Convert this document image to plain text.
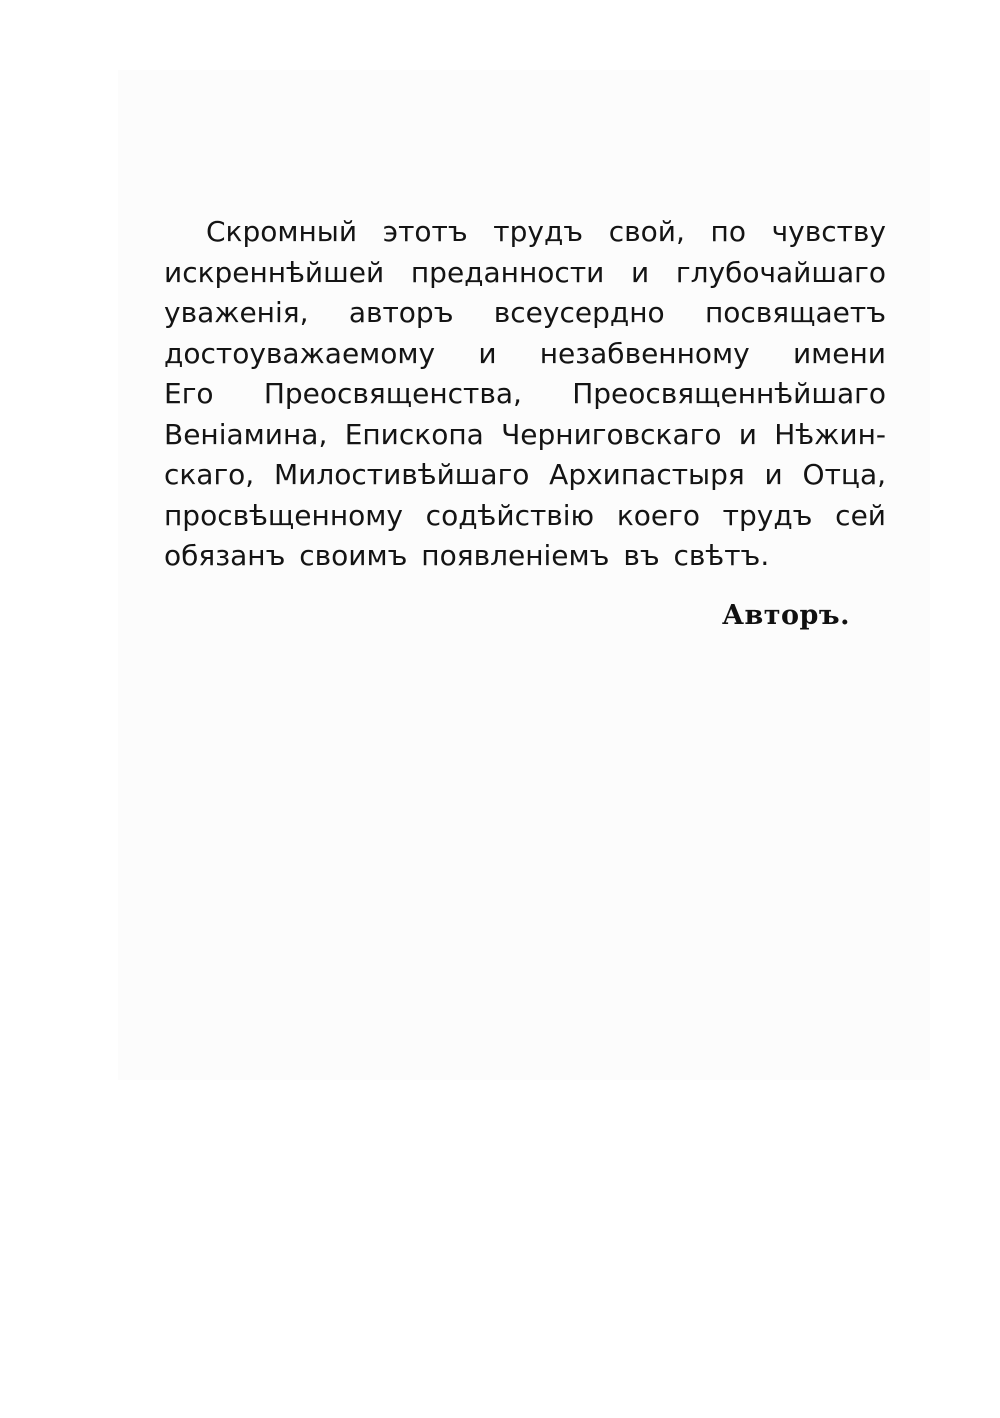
Скромный этотъ трудъ свой, по чувству
искреннѣйшей преданности и глубочайшаго
уваженія, авторъ всеусердно посвящаетъ
достоуважаемому и незабвенному имени
Его Преосвященства, Преосвященнѣйшаго
Веніамина, Епископа Черниговскаго и Нѣжин-
скаго, Милостивѣйшаго Архипастыря и Отца,
просвѣщенному содѣйствію коего трудъ сей
обязанъ своимъ появленіемъ въ свѣтъ.

Авторъ.
